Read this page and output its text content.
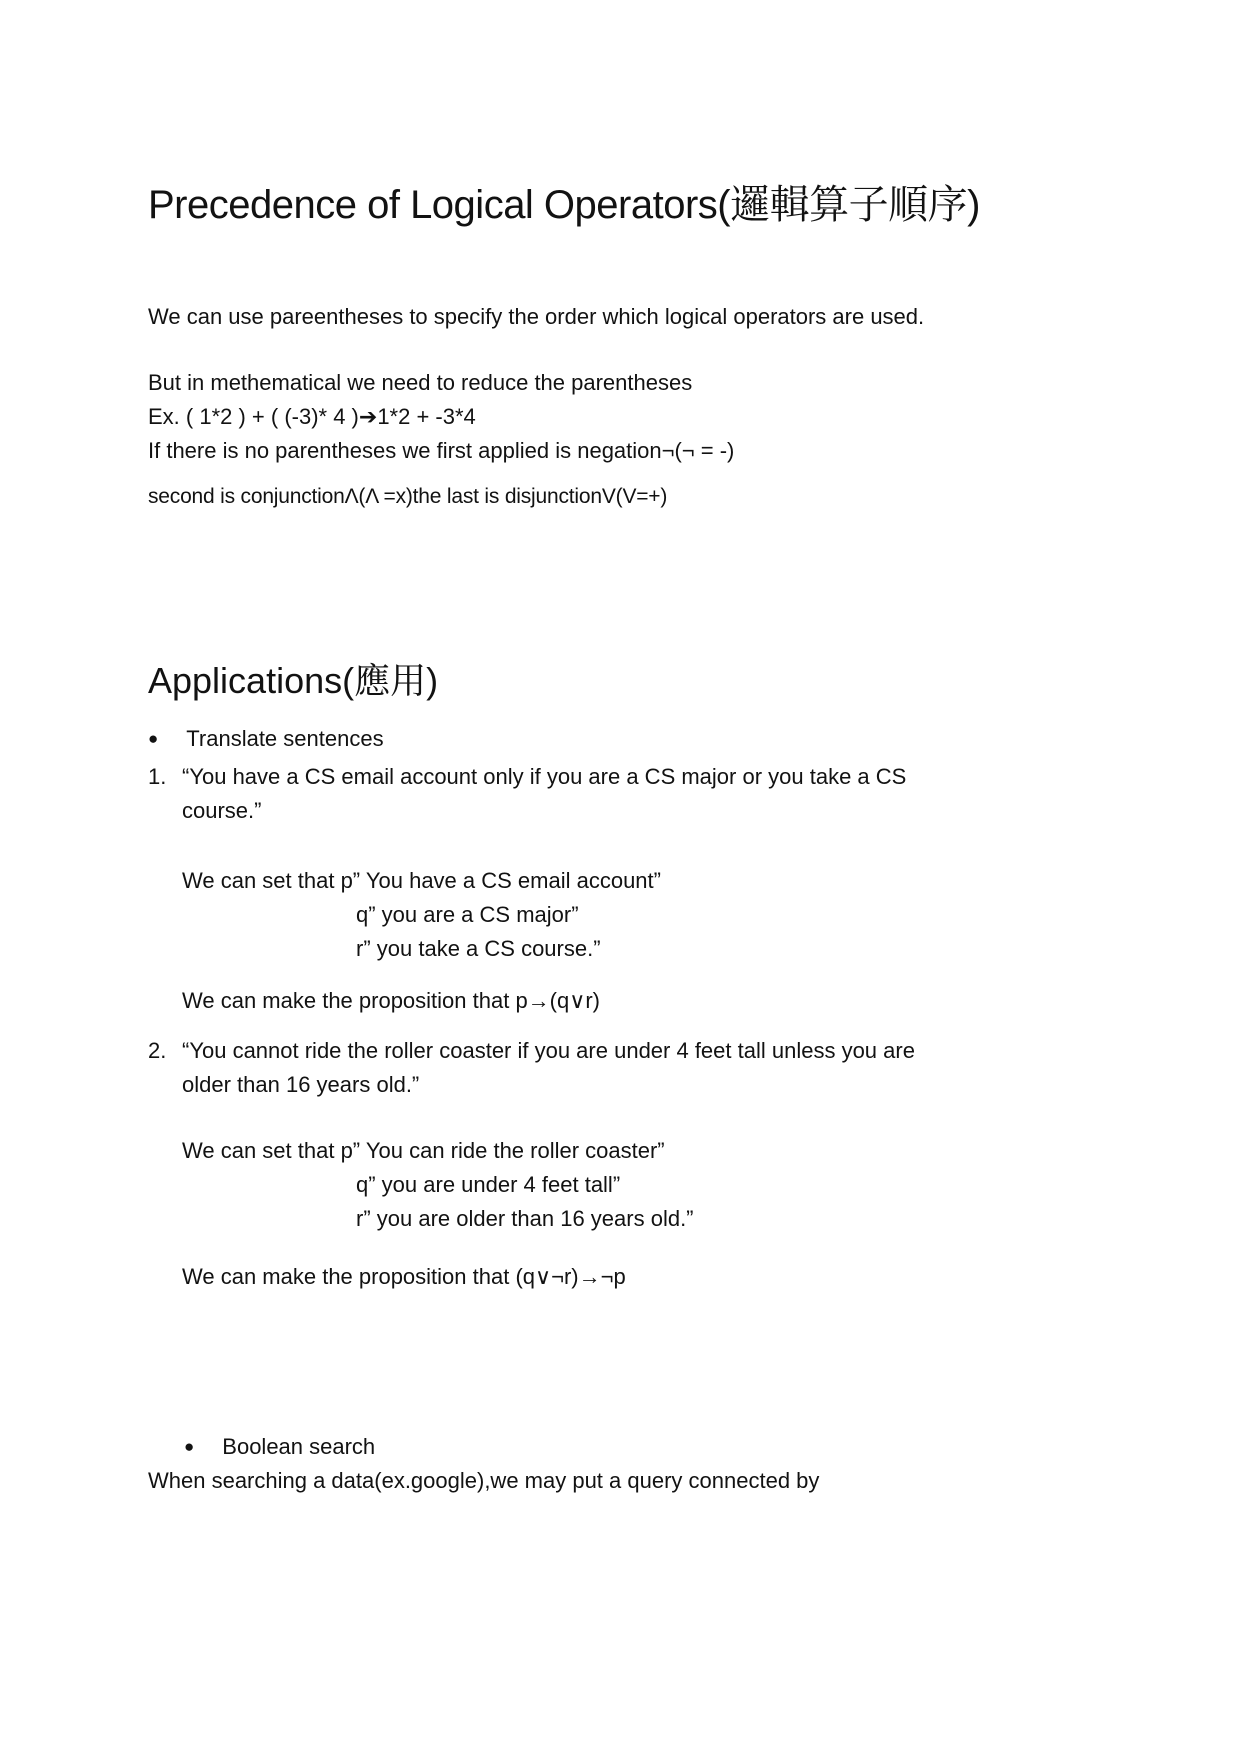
Precedence of Logical Operators(邏輯算子順序)

We can use pareentheses to specify the order which logical operators are used.

But in methematical we need to reduce the parentheses
Ex. ( 1*2 ) + ( (-3)* 4 )➔1*2 + -3*4
If there is no parentheses we first applied is negation¬(¬ = -)

second is conjunctionΛ(Λ =x)the last is disjunctionV(V=+)

Applications(應用)
● Translate sentences
1. “You have a CS email account only if you are a CS major or you take a CS course.”
We can set that p” You have a CS email account”
q” you are a CS major”
r” you take a CS course.”

We can make the proposition that p→(q∨r)

2. “You cannot ride the roller coaster if you are under 4 feet tall unless you are older than 16 years old.”
We can set that p” You can ride the roller coaster”
q” you are under 4 feet tall”
r” you are older than 16 years old.”

We can make the proposition that (q∨¬r)→¬p

● Boolean search

When searching a data(ex.google),we may put a query connected by
